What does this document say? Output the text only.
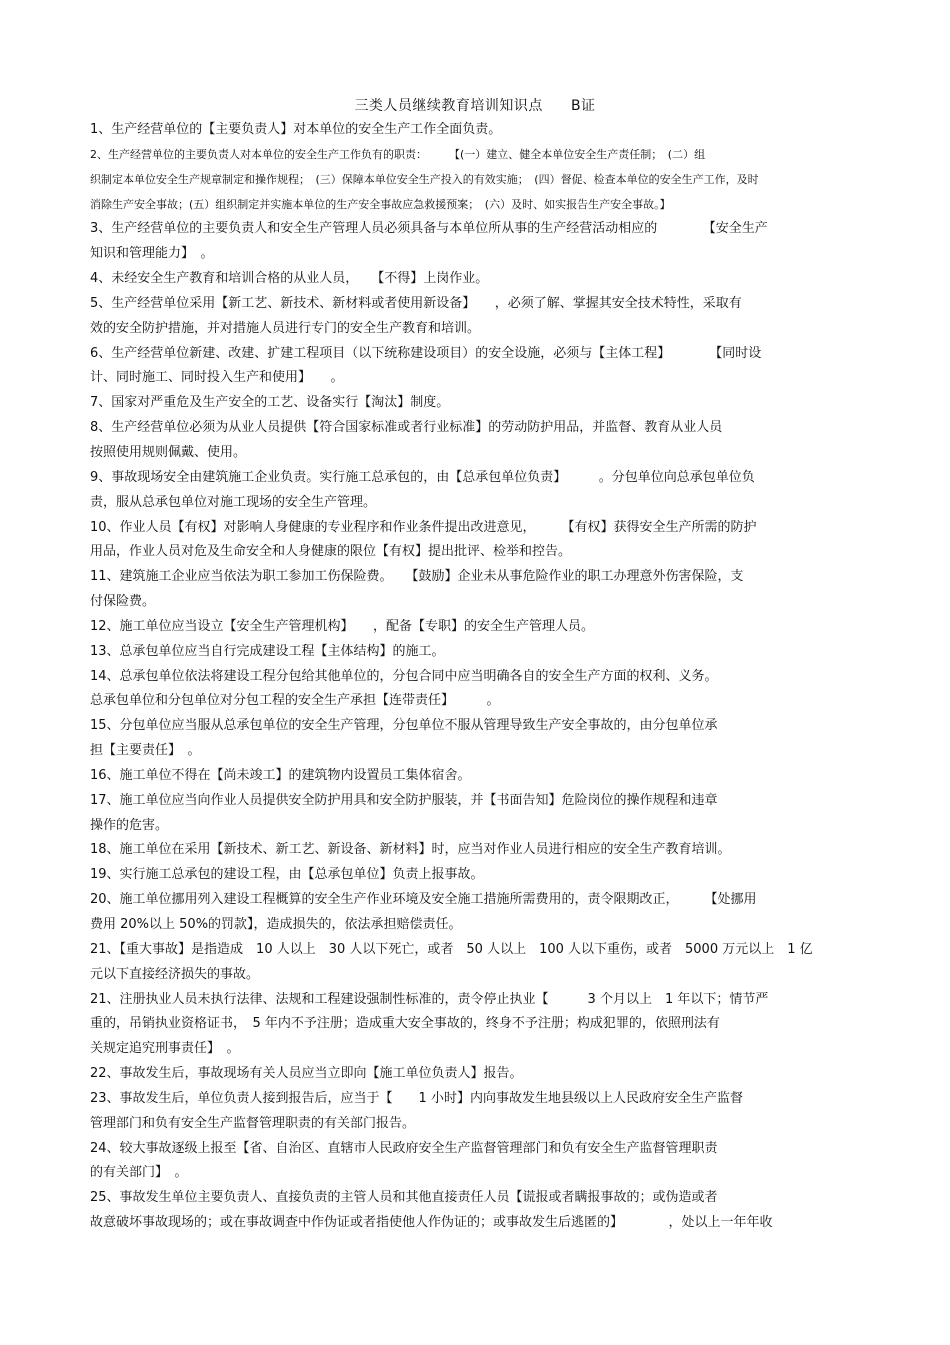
三类人员继续教育培训知识点 B证
1、生产经营单位的【主要负责人】对本单位的安全生产工作全面负责。
2、生产经营单位的主要负责人对本单位的安全生产工作负有的职责：　　　【(一）建立、健全本单位安全生产责任制；　(二）组
织制定本单位安全生产规章制定和操作规程；　(三）保障本单位安全生产投入的有效实施；　(四）督促、检查本单位的安全生产工作，及时
消除生产安全事故；(五）组织制定并实施本单位的生产安全事故应急救援预案；　(六）及时、如实报告生产安全事故。】
3、生产经营单位的主要负责人和安全生产管理人员必须具备与本单位所从事的生产经营活动相应的　　　　【安全生产
知识和管理能力】　。
4、未经安全生产教育和培训合格的从业人员，　　【不得】上岗作业。
5、生产经营单位采用【新工艺、新技术、新材料或者使用新设备】　　，必须了解、掌握其安全技术特性，采取有
效的安全防护措施，并对措施人员进行专门的安全生产教育和培训。
6、生产经营单位新建、改建、扩建工程项目（以下统称建设项目）的安全设施，必须与【主体工程】　　　　【同时设
计、同时施工、同时投入生产和使用】　　。
7、国家对严重危及生产安全的工艺、设备实行【淘汰】制度。
8、生产经营单位必须为从业人员提供【符合国家标准或者行业标准】的劳动防护用品，并监督、教育从业人员
按照使用规则佩戴、使用。
9、事故现场安全由建筑施工企业负责。实行施工总承包的，由【总承包单位负责】　　　。分包单位向总承包单位负
责，服从总承包单位对施工现场的安全生产管理。
10、作业人员【有权】对影响人身健康的专业程序和作业条件提出改进意见，　　　【有权】获得安全生产所需的防护
用品，作业人员对危及生命安全和人身健康的限位【有权】提出批评、检举和控告。
11、建筑施工企业应当依法为职工参加工伤保险费。　　【鼓励】企业未从事危险作业的职工办理意外伤害保险，支
付保险费。
12、施工单位应当设立【安全生产管理机构】　　，配备【专职】的安全生产管理人员。
13、总承包单位应当自行完成建设工程【主体结构】的施工。
14、总承包单位依法将建设工程分包给其他单位的，分包合同中应当明确各自的安全生产方面的权利、义务。
总承包单位和分包单位对分包工程的安全生产承担【连带责任】　　　。
15、分包单位应当服从总承包单位的安全生产管理，分包单位不服从管理导致生产安全事故的，由分包单位承
担【主要责任】　。
16、施工单位不得在【尚未竣工】的建筑物内设置员工集体宿舍。
17、施工单位应当向作业人员提供安全防护用具和安全防护服装，并【书面告知】危险岗位的操作规程和违章
操作的危害。
18、施工单位在采用【新技术、新工艺、新设备、新材料】时，应当对作业人员进行相应的安全生产教育培训。
19、实行施工总承包的建设工程，由【总承包单位】负责上报事故。
20、施工单位挪用列入建设工程概算的安全生产作业环境及安全施工措施所需费用的，责令限期改正，　　　【处挪用
费用 20%以上 50%的罚款】，造成损失的，依法承担赔偿责任。
21、【重大事故】是指造成　10 人以上　30 人以下死亡，或者　50 人以上　100 人以下重伤，或者　5000 万元以上　1 亿
元以下直接经济损失的事故。
21、注册执业人员未执行法律、法规和工程建设强制性标准的，责令停止执业【　　　3 个月以上　1 年以下；情节严
重的，吊销执业资格证书，　5 年内不予注册；造成重大安全事故的，终身不予注册；构成犯罪的，依照刑法有
关规定追究刑事责任】　。
22、事故发生后，事故现场有关人员应当立即向【施工单位负责人】报告。
23、事故发生后，单位负责人接到报告后，应当于【　　1 小时】内向事故发生地县级以上人民政府安全生产监督
管理部门和负有安全生产监督管理职责的有关部门报告。
24、较大事故逐级上报至【省、自治区、直辖市人民政府安全生产监督管理部门和负有安全生产监督管理职责
的有关部门】　。
25、事故发生单位主要负责人、直接负责的主管人员和其他直接责任人员【谎报或者瞒报事故的；或伪造或者
故意破坏事故现场的；或在事故调查中作伪证或者指使他人作伪证的；或事故发生后逃匿的】　　　　，处以上一年年收
